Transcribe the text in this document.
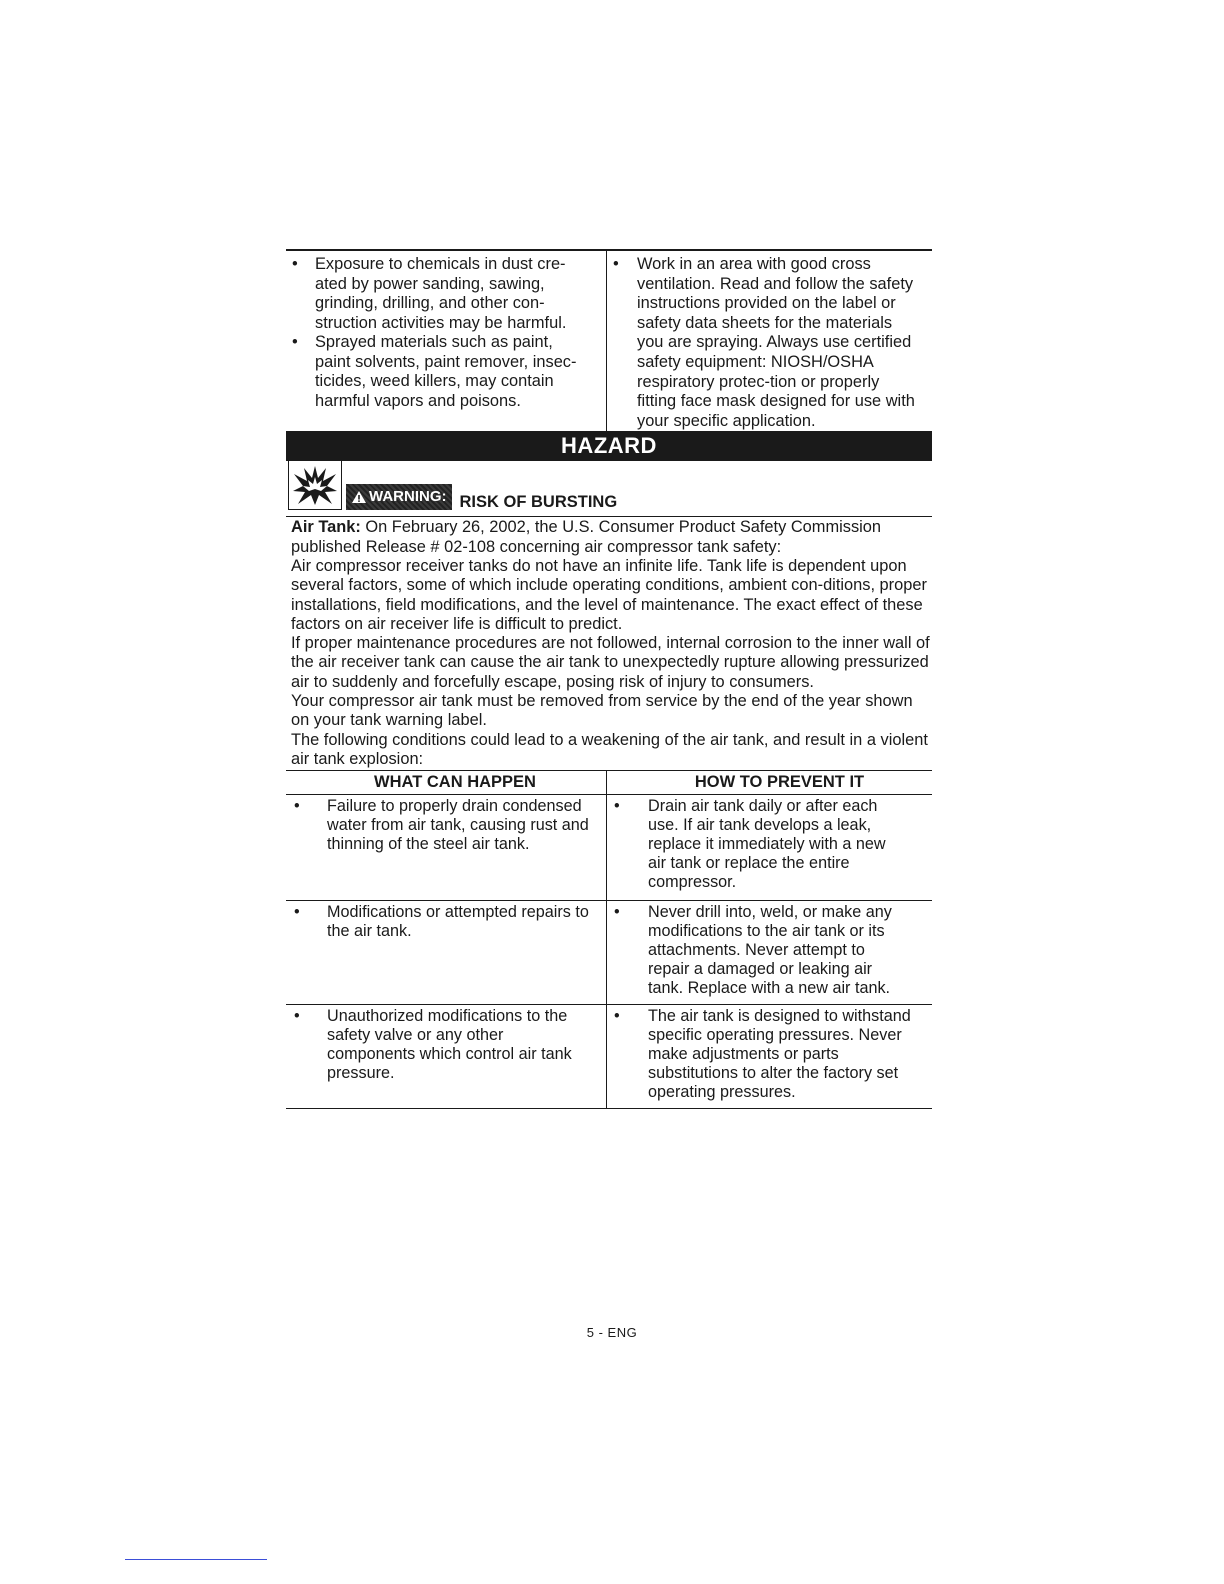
•	Exposure to chemicals in dust cre-ated by power sanding, sawing, grinding, drilling, and other con-struction activities may be harmful.
•	Sprayed materials such as paint, paint solvents, paint remover, insec-ticides, weed killers, may contain harmful vapors and poisons.
•	Work in an area with good cross ventilation. Read and follow the safety instructions provided on the label or safety data sheets for the materials you are spraying. Always use certified safety equipment: NIOSH/OSHA respiratory protec-tion or properly fitting face mask designed for use with your specific application.
HAZARD
WARNING: RISK OF BURSTING

Air Tank: On February 26, 2002, the U.S. Consumer Product Safety Commission published Release # 02-108 concerning air compressor tank safety:

Air compressor receiver tanks do not have an infinite life. Tank life is dependent upon several factors, some of which include operating conditions, ambient con-ditions, proper installations, field modifications, and the level of maintenance. The exact effect of these factors on air receiver life is difficult to predict.

If proper maintenance procedures are not followed, internal corrosion to the inner wall of the air receiver tank can cause the air tank to unexpectedly rupture allowing pressurized air to suddenly and forcefully escape, posing risk of injury to consumers.

Your compressor air tank must be removed from service by the end of the year shown on your tank warning label.

The following conditions could lead to a weakening of the air tank, and result in a violent air tank explosion:

WHAT CAN HAPPEN	HOW TO PREVENT IT
•	Failure to properly drain condensed water from air tank, causing rust and thinning of the steel air tank.
•	Drain air tank daily or after each use. If air tank develops a leak, replace it immediately with a new air tank or replace the entire compressor.
•	Modifications or attempted repairs to the air tank.
•	Never drill into, weld, or make any modifications to the air tank or its attachments. Never attempt to repair a damaged or leaking air tank. Replace with a new air tank.
•	Unauthorized modifications to the safety valve or any other components which control air tank pressure.
•	The air tank is designed to withstand specific operating pressures. Never make adjustments or parts substitutions to alter the factory set operating pressures.
5 - ENG
